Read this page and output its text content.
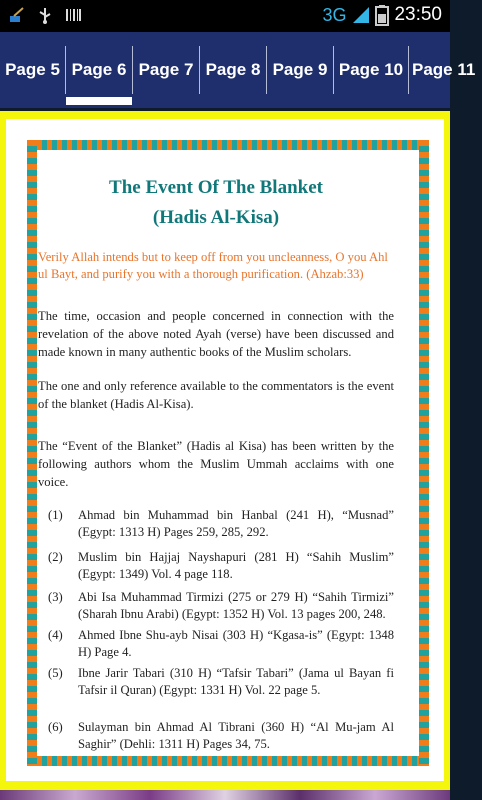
3G	23:50
Page 5 Page 6 Page 7 Page 8 Page 9 Page 10 Page 11
The Event Of The Blanket
(Hadis Al-Kisa)
Verily Allah intends but to keep off from you uncleanness, O you Ahl ul Bayt, and purify you with a thorough purification. (Ahzab:33)
The time, occasion and people concerned in connection with the revelation of the above noted Ayah (verse) have been discussed and made known in many authentic books of the Muslim scholars.
The one and only reference available to the commentators is the event of the blanket (Hadis Al-Kisa).
The “Event of the Blanket” (Hadis al Kisa) has been written by the following authors whom the Muslim Ummah acclaims with one voice.
(1)	Ahmad bin Muhammad bin Hanbal (241 H), “Musnad” (Egypt: 1313 H) Pages 259, 285, 292.
(2)	Muslim bin Hajjaj Nayshapuri (281 H) “Sahih Muslim” (Egypt: 1349) Vol. 4 page 118.
(3)	Abi Isa Muhammad Tirmizi (275 or 279 H) “Sahih Tirmizi” (Sharah Ibnu Arabi) (Egypt: 1352 H) Vol. 13 pages 200, 248.
(4)	Ahmed Ibne Shu-ayb Nisai (303 H) “Kgasa-is” (Egypt: 1348 H) Page 4.
(5)	Ibne Jarir Tabari (310 H) “Tafsir Tabari” (Jama ul Bayan fi Tafsir il Quran) (Egypt: 1331 H) Vol. 22 page 5.
(6)	Sulayman bin Ahmad Al Tibrani (360 H) “Al Mu-jam Al Saghir” (Dehli: 1311 H) Pages 34, 75.
